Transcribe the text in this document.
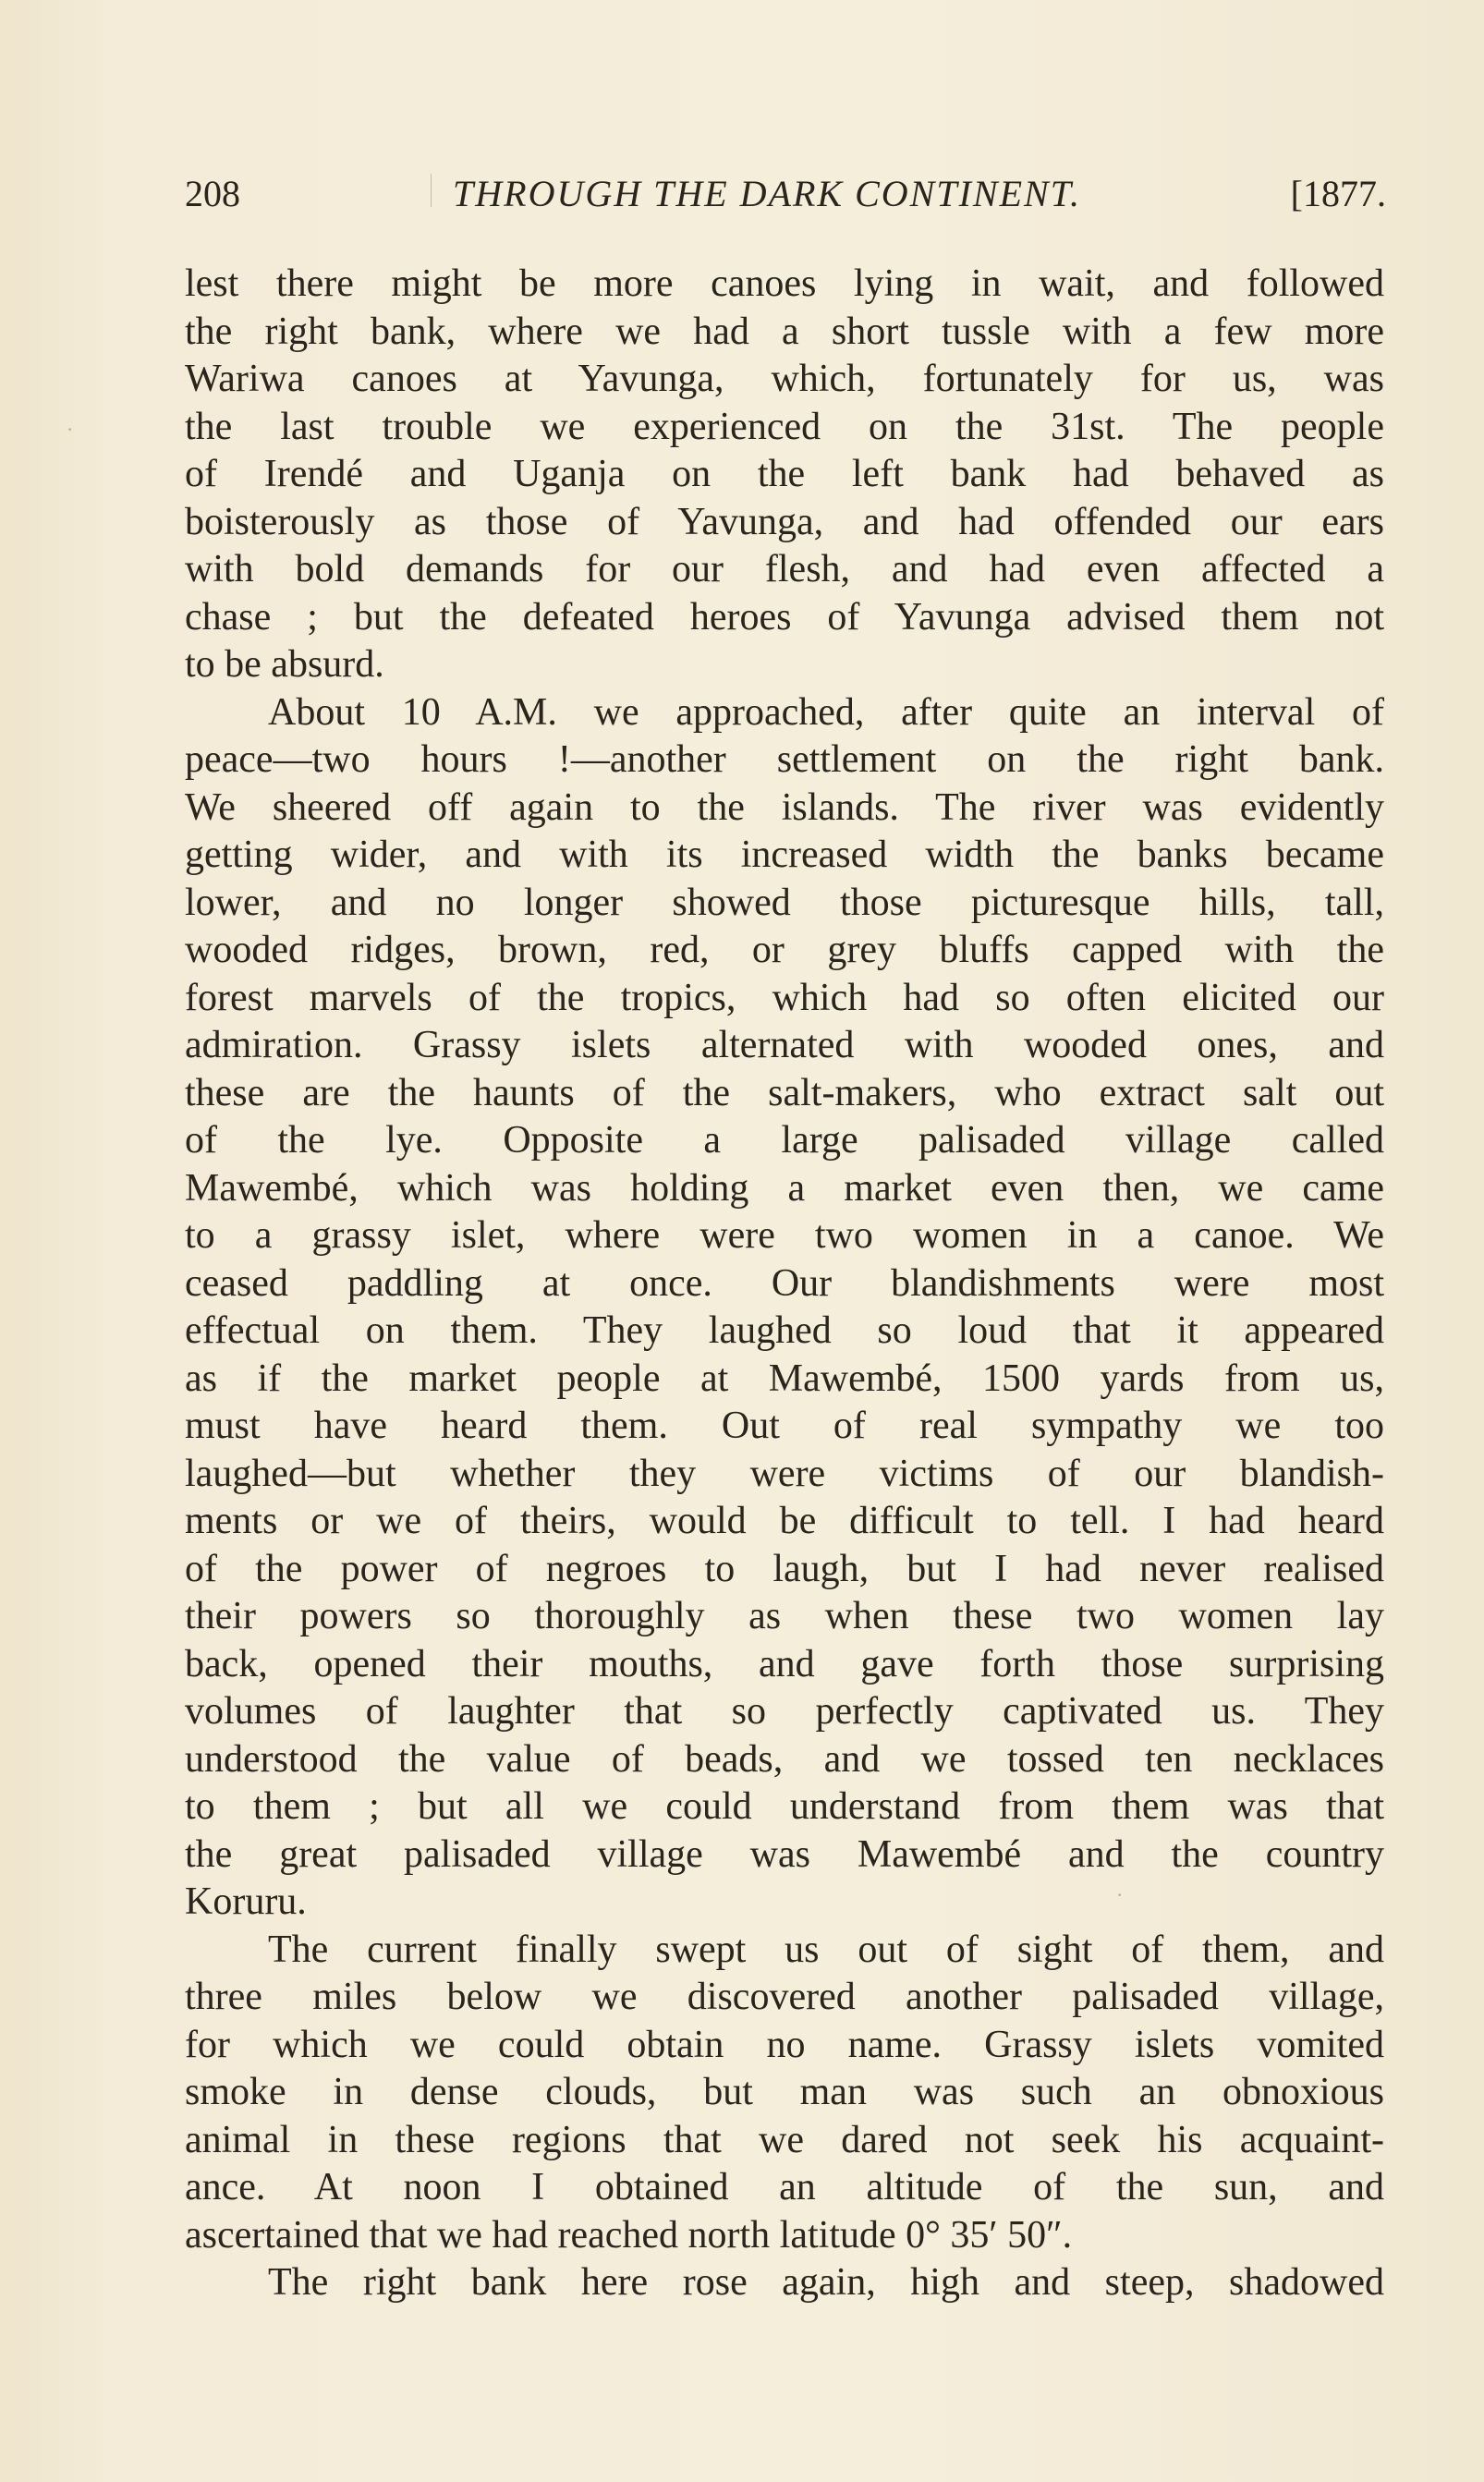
208	THROUGH THE DARK CONTINENT.	[1877.
·
·
lest there might be more canoes lying in wait, and followed
the right bank, where we had a short tussle with a few more
Wariwa canoes at Yavunga, which, fortunately for us, was
the last trouble we experienced on the 31st. The people
of Irendé and Uganja on the left bank had behaved as
boisterously as those of Yavunga, and had offended our ears
with bold demands for our flesh, and had even affected a
chase ; but the defeated heroes of Yavunga advised them not
to be absurd.
About 10 A.M. we approached, after quite an interval of
peace—two hours !—another settlement on the right bank.
We sheered off again to the islands. The river was evidently
getting wider, and with its increased width the banks became
lower, and no longer showed those picturesque hills, tall,
wooded ridges, brown, red, or grey bluffs capped with the
forest marvels of the tropics, which had so often elicited our
admiration. Grassy islets alternated with wooded ones, and
these are the haunts of the salt-makers, who extract salt out
of the lye. Opposite a large palisaded village called
Mawembé, which was holding a market even then, we came
to a grassy islet, where were two women in a canoe. We
ceased paddling at once. Our blandishments were most
effectual on them. They laughed so loud that it appeared
as if the market people at Mawembé, 1500 yards from us,
must have heard them. Out of real sympathy we too
laughed—but whether they were victims of our blandish-
ments or we of theirs, would be difficult to tell. I had heard
of the power of negroes to laugh, but I had never realised
their powers so thoroughly as when these two women lay
back, opened their mouths, and gave forth those surprising
volumes of laughter that so perfectly captivated us. They
understood the value of beads, and we tossed ten necklaces
to them ; but all we could understand from them was that
the great palisaded village was Mawembé and the country
Koruru.
The current finally swept us out of sight of them, and
three miles below we discovered another palisaded village,
for which we could obtain no name. Grassy islets vomited
smoke in dense clouds, but man was such an obnoxious
animal in these regions that we dared not seek his acquaint-
ance. At noon I obtained an altitude of the sun, and
ascertained that we had reached north latitude 0° 35′ 50″.
The right bank here rose again, high and steep, shadowed
